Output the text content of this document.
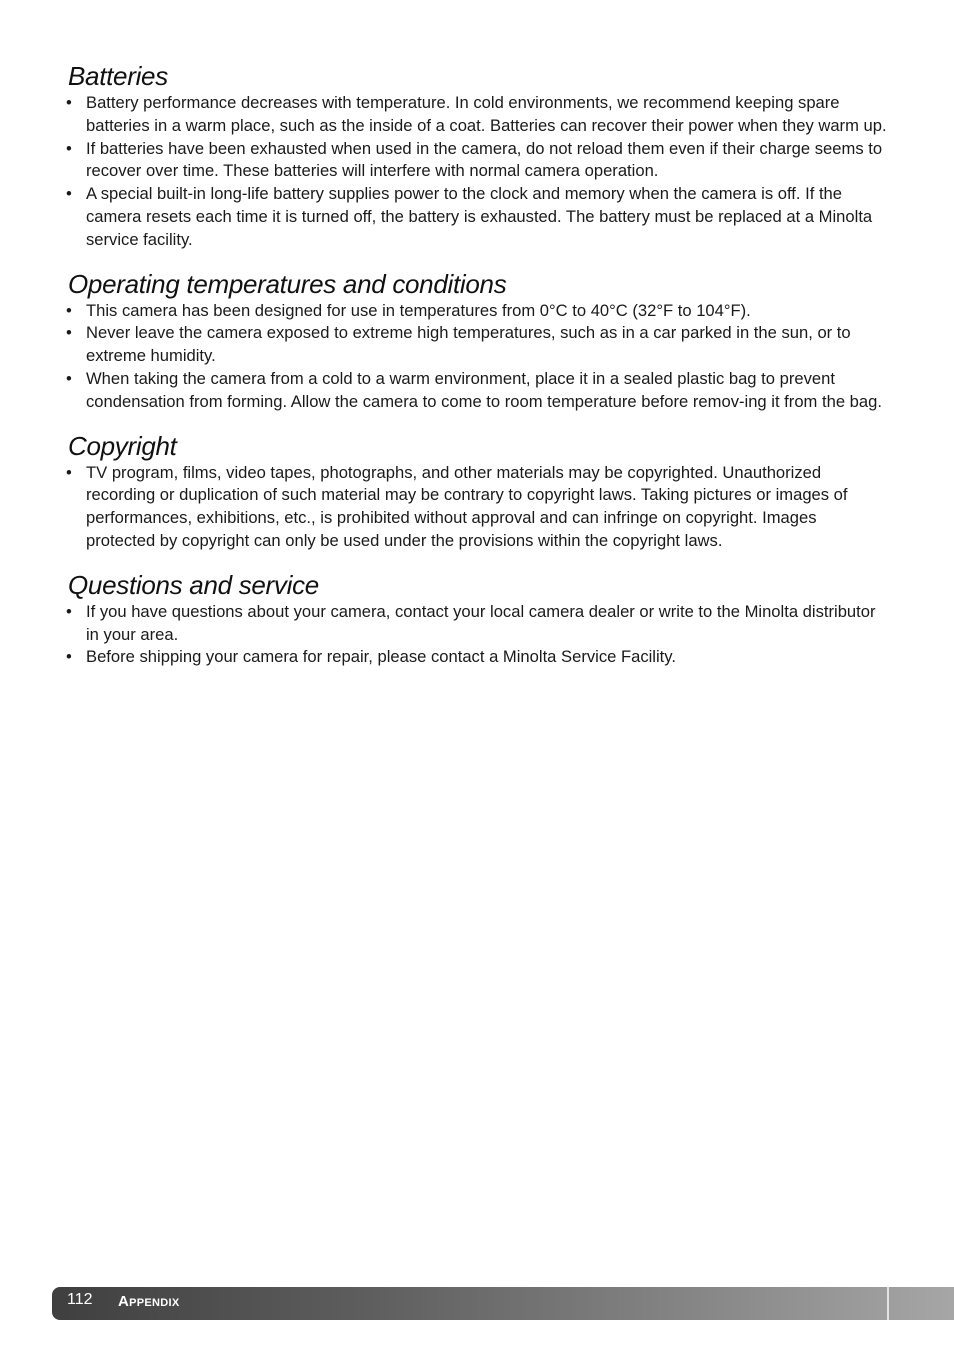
Batteries
• Battery performance decreases with temperature. In cold environments, we recommend keeping spare batteries in a warm place, such as the inside of a coat. Batteries can recover their power when they warm up.
• If batteries have been exhausted when used in the camera, do not reload them even if their charge seems to recover over time. These batteries will interfere with normal camera operation.
• A special built-in long-life battery supplies power to the clock and memory when the camera is off. If the camera resets each time it is turned off, the battery is exhausted. The battery must be replaced at a Minolta service facility.
Operating temperatures and conditions
• This camera has been designed for use in temperatures from 0°C to 40°C (32°F to 104°F).
• Never leave the camera exposed to extreme high temperatures, such as in a car parked in the sun, or to extreme humidity.
• When taking the camera from a cold to a warm environment, place it in a sealed plastic bag to prevent condensation from forming. Allow the camera to come to room temperature before remov-ing it from the bag.
Copyright
• TV program, films, video tapes, photographs, and other materials may be copyrighted. Unauthorized recording or duplication of such material may be contrary to copyright laws. Taking pictures or images of performances, exhibitions, etc., is prohibited without approval and can infringe on copyright. Images protected by copyright can only be used under the provisions within the copyright laws.
Questions and service
• If you have questions about your camera, contact your local camera dealer or write to the Minolta distributor in your area.
• Before shipping your camera for repair, please contact a Minolta Service Facility.
112 Appendix
